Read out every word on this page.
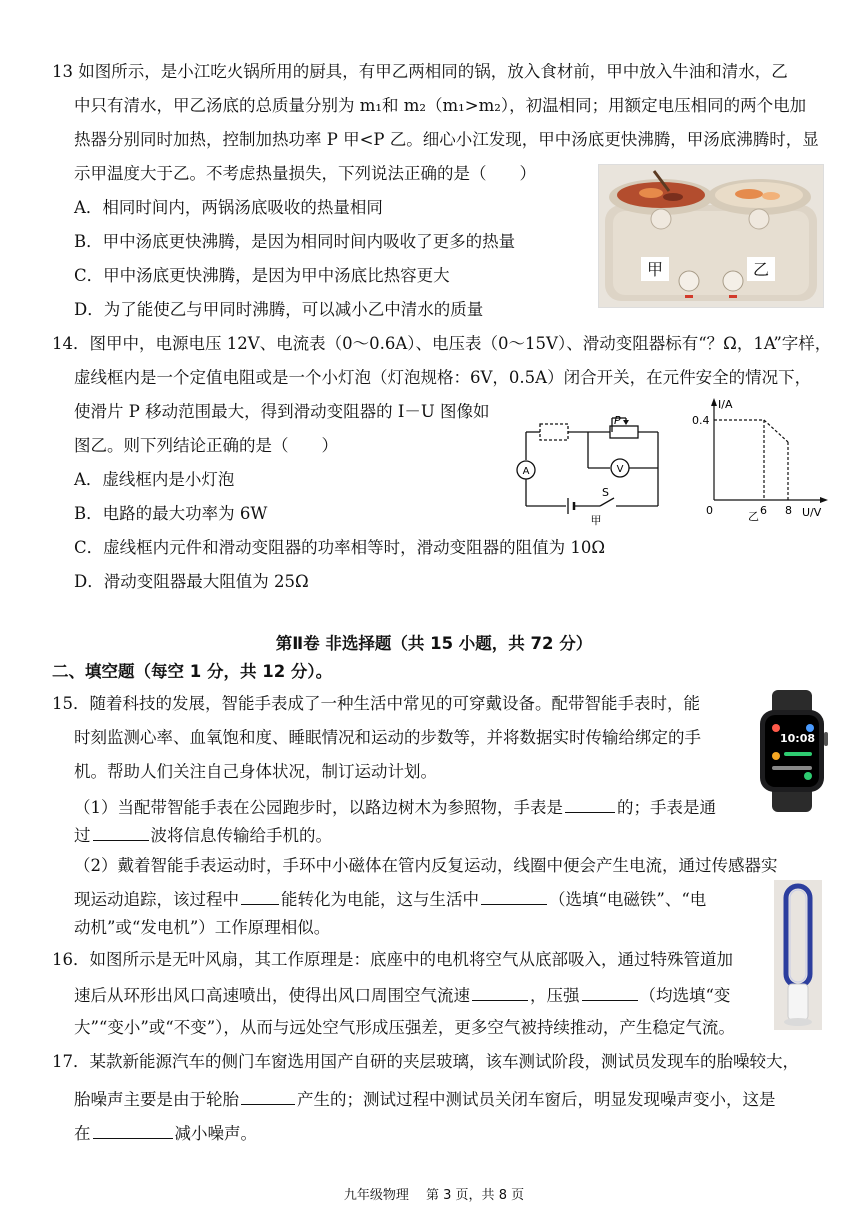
13 如图所示，是小江吃火锅所用的厨具，有甲乙两相同的锅，放入食材前，甲中放入牛油和清水，乙
中只有清水，甲乙汤底的总质量分别为 m₁和 m₂（m₁>m₂），初温相同；用额定电压相同的两个电加
热器分别同时加热，控制加热功率 P 甲<P 乙。细心小江发现，甲中汤底更快沸腾，甲汤底沸腾时，显
示甲温度大于乙。不考虑热量损失，下列说法正确的是（　　）
A．相同时间内，两锅汤底吸收的热量相同
B．甲中汤底更快沸腾，是因为相同时间内吸收了更多的热量
C．甲中汤底更快沸腾，是因为甲中汤底比热容更大
D．为了能使乙与甲同时沸腾，可以减小乙中清水的质量
甲	乙
14．图甲中，电源电压 12V、电流表（0～0.6A）、电压表（0～15V）、滑动变阻器标有“？Ω，1A”字样，
虚线框内是一个定值电阻或是一个小灯泡（灯泡规格：6V，0.5A）闭合开关，在元件安全的情况下，
使滑片 P 移动范围最大，得到滑动变阻器的 I－U 图像如
图乙。则下列结论正确的是（　　）
A．虚线框内是小灯泡
B．电路的最大功率为 6W
C．虚线框内元件和滑动变阻器的功率相等时，滑动变阻器的阻值为 10Ω
D．滑动变阻器最大阻值为 25Ω
P
A	V
S
甲
I/A
U/V
0
0.4
6 8
乙
第Ⅱ卷 非选择题（共 15 小题，共 72 分）
二、填空题（每空 1 分，共 12 分）。
15．随着科技的发展，智能手表成了一种生活中常见的可穿戴设备。配带智能手表时，能
时刻监测心率、血氧饱和度、睡眠情况和运动的步数等，并将数据实时传输给绑定的手
机。帮助人们关注自己身体状况，制订运动计划。
（1）当配带智能手表在公园跑步时，以路边树木为参照物，手表是	的；手表是通
过	波将信息传输给手机的。
（2）戴着智能手表运动时，手环中小磁体在管内反复运动，线圈中便会产生电流，通过传感器实
现运动追踪，该过程中	能转化为电能，这与生活中	（选填“电磁铁”、“电
动机”或“发电机”）工作原理相似。
10:08
16．如图所示是无叶风扇，其工作原理是：底座中的电机将空气从底部吸入，通过特殊管道加
速后从环形出风口高速喷出，使得出风口周围空气流速	，压强	（均选填“变
大”“变小”或“不变”），从而与远处空气形成压强差，更多空气被持续推动，产生稳定气流。
17．某款新能源汽车的侧门车窗选用国产自研的夹层玻璃，该车测试阶段，测试员发现车的胎噪较大，
胎噪声主要是由于轮胎	产生的；测试过程中测试员关闭车窗后，明显发现噪声变小，这是
在	减小噪声。
九年级物理　 第 3 页，共 8 页
